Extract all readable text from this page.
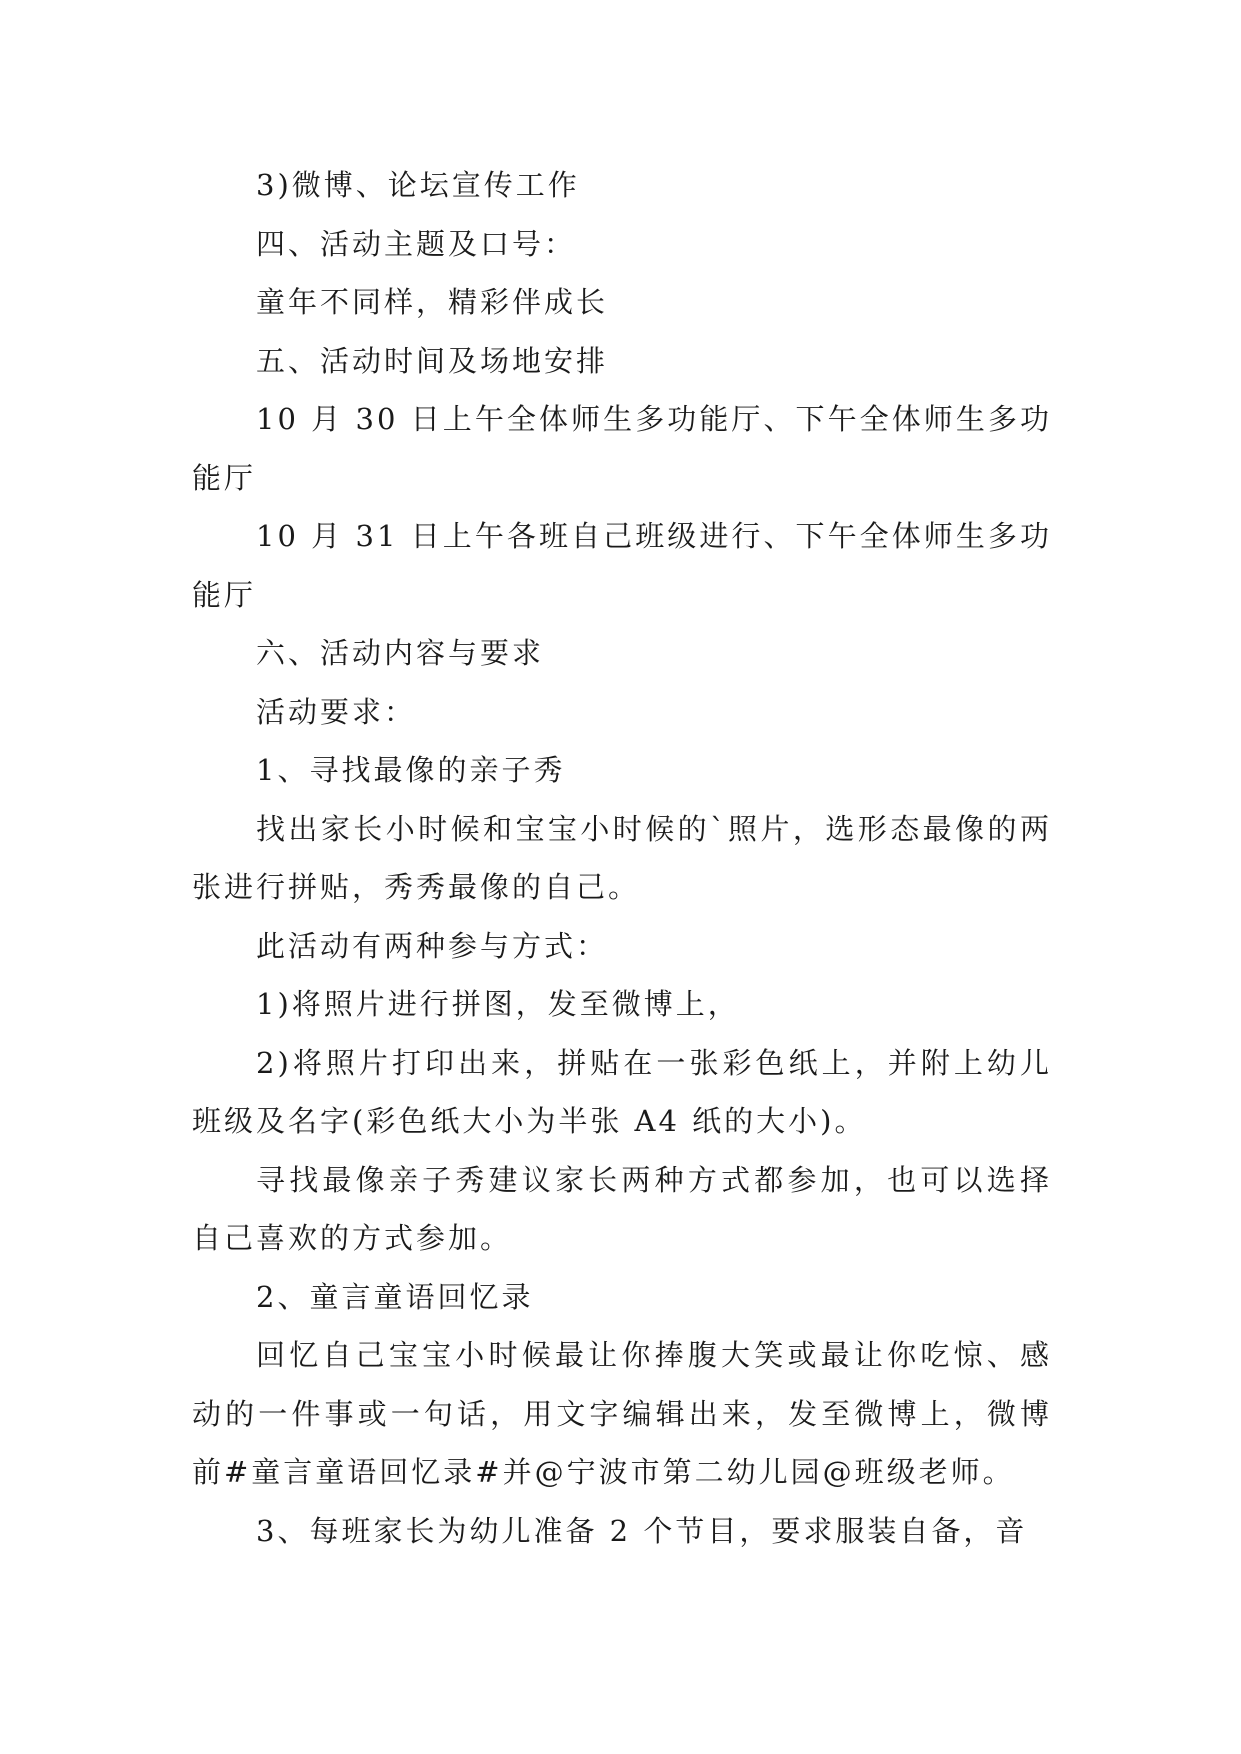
3)微博、论坛宣传工作

四、活动主题及口号：

童年不同样，精彩伴成长

五、活动时间及场地安排

10 月 30 日上午全体师生多功能厅、下午全体师生多功能厅

10 月 31 日上午各班自己班级进行、下午全体师生多功能厅

六、活动内容与要求

活动要求：

1、寻找最像的亲子秀

找出家长小时候和宝宝小时候的`照片，选形态最像的两张进行拼贴，秀秀最像的自己。

此活动有两种参与方式：

1)将照片进行拼图，发至微博上，

2)将照片打印出来，拼贴在一张彩色纸上，并附上幼儿班级及名字(彩色纸大小为半张 A4 纸的大小)。

寻找最像亲子秀建议家长两种方式都参加，也可以选择自己喜欢的方式参加。

2、童言童语回忆录

回忆自己宝宝小时候最让你捧腹大笑或最让你吃惊、感动的一件事或一句话，用文字编辑出来，发至微博上，微博前#童言童语回忆录#并@宁波市第二幼儿园@班级老师。

3、每班家长为幼儿准备 2 个节目，要求服装自备，音
